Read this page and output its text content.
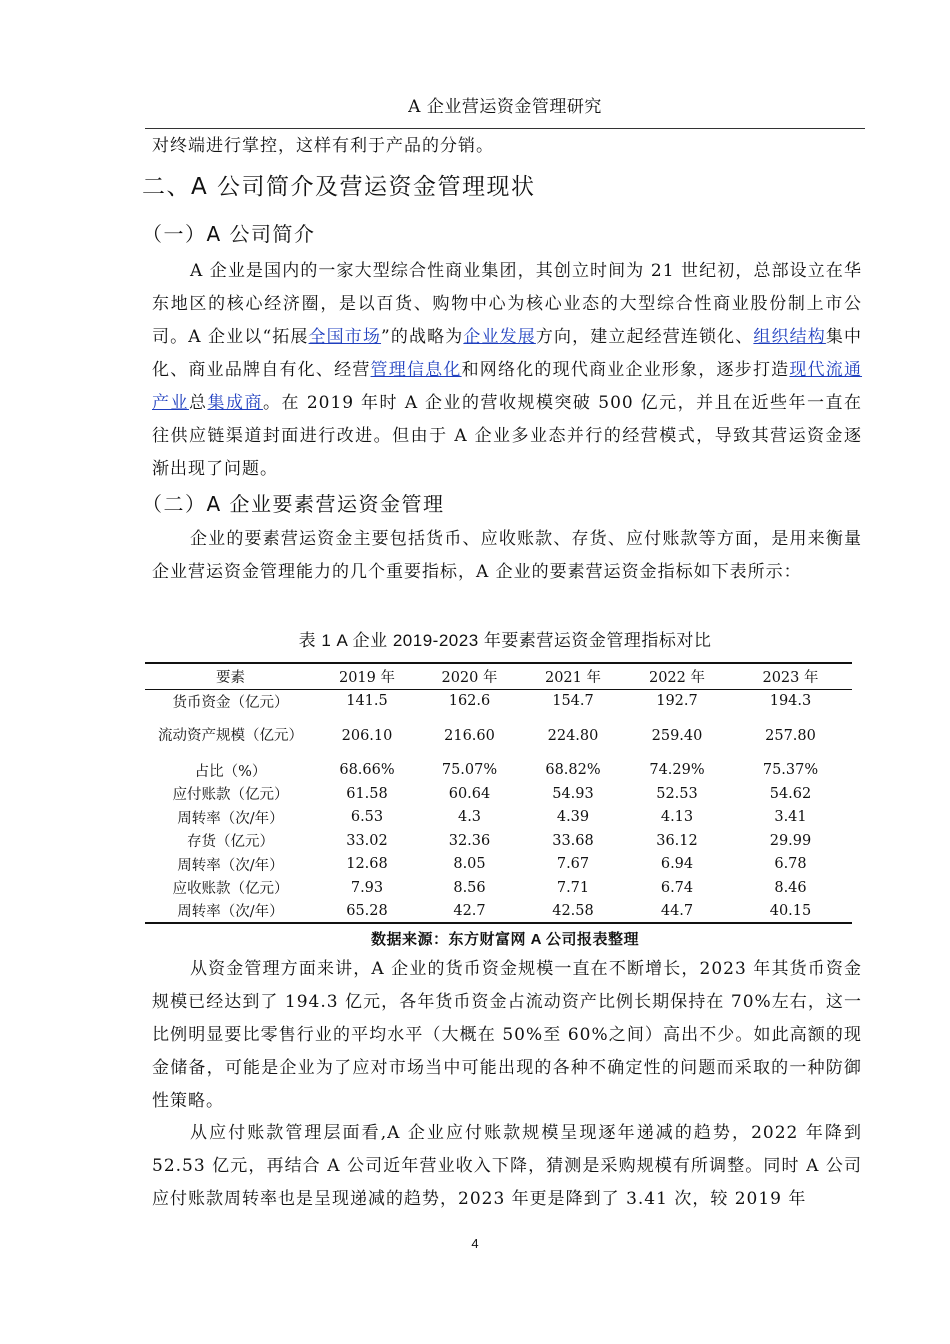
A 企业营运资金管理研究

对终端进行掌控，这样有利于产品的分销。

二、A 公司简介及营运资金管理现状
（一）A 公司简介

A 企业是国内的一家大型综合性商业集团，其创立时间为 21 世纪初，总部设立在华东地区的核心经济圈，是以百货、购物中心为核心业态的大型综合性商业股份制上市公司。A 企业以“拓展全国市场”的战略为企业发展方向，建立起经营连锁化、组织结构集中化、商业品牌自有化、经营管理信息化和网络化的现代商业企业形象，逐步打造现代流通产业总集成商。在 2019 年时 A 企业的营收规模突破 500 亿元，并且在近些年一直在往供应链渠道封面进行改进。但由于 A 企业多业态并行的经营模式，导致其营运资金逐渐出现了问题。

（二）A 企业要素营运资金管理

企业的要素营运资金主要包括货币、应收账款、存货、应付账款等方面，是用来衡量企业营运资金管理能力的几个重要指标，A 企业的要素营运资金指标如下表所示：

表 1 A 企业 2019-2023 年要素营运资金管理指标对比
要素	2019 年	2020 年	2021 年	2022 年	2023 年
货币资金（亿元）	141.5	162.6	154.7	192.7	194.3
流动资产规模（亿元）	206.10	216.60	224.80	259.40	257.80
占比（%）	68.66%	75.07%	68.82%	74.29%	75.37%
应付账款（亿元）	61.58	60.64	54.93	52.53	54.62
周转率（次/年）	6.53	4.3	4.39	4.13	3.41
存货（亿元）	33.02	32.36	33.68	36.12	29.99
周转率（次/年）	12.68	8.05	7.67	6.94	6.78
应收账款（亿元）	7.93	8.56	7.71	6.74	8.46
周转率（次/年）	65.28	42.7	42.58	44.7	40.15
数据来源：东方财富网 A 公司报表整理

从资金管理方面来讲，A 企业的货币资金规模一直在不断增长，2023 年其货币资金规模已经达到了 194.3 亿元，各年货币资金占流动资产比例长期保持在 70%左右，这一比例明显要比零售行业的平均水平（大概在 50%至 60%之间）高出不少。如此高额的现金储备，可能是企业为了应对市场当中可能出现的各种不确定性的问题而采取的一种防御性策略。

从应付账款管理层面看,A 企业应付账款规模呈现逐年递减的趋势，2022 年降到 52.53 亿元，再结合 A 公司近年营业收入下降，猜测是采购规模有所调整。同时 A 公司应付账款周转率也是呈现递减的趋势，2023 年更是降到了 3.41 次，较 2019 年

4
